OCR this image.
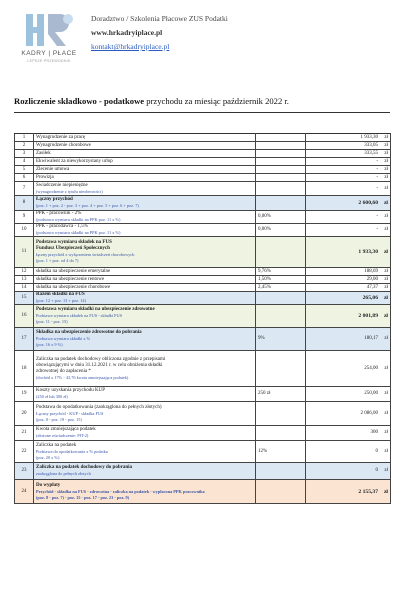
KADRY | PŁACE
LEPSZE PRZEWODNIK
Doradztwo / Szkolenia Płacowe ZUS Podatki
www.hrkadryiplace.pl
kontakt@hrkadryiplace.pl
Rozliczenie składkowo - podatkowe przychodu za miesiąc październik 2022 r.
1	Wynagrodzenie za pracę		1 933,30 zł
2	Wynagrodzenie chorobowe		333,05 zł
3	Zasiłek		333,55 zł
4	Ekwiwalent za niewykorzystany urlop		- zł
5	Zlecenie umowa		- zł
6	Prowizja		- zł
7	Świadczenie niepieniężne
(wynagrodzenie z tytułu nieobecności)		- zł
8	Łączny przychód
(poz. 1 + poz. 2 - poz. 3 + poz. 4 + poz. 5 + poz. 6 + poz. 7)		2 600,60 zł
9	PPK - pracownik - 2%
(podstawa wymiaru składki na PPK poz. 11 x %)	0,00%	- zł
10	PPK - pracodawca - 1,5%
(podstawa wymiaru składki na PPK poz. 11 x %)	0,00%	- zł
11	Podstawa wymiaru składek na FUS
Fundusz Ubezpieczeń Społecznych
łączny przychód z wyłączeniem świadczeń chorobowych
(poz. 1 + poz. od 4 do 7)		1 933,30 zł
12	składka na ubezpieczenie emerytalne	9,76%	188,69 zł
13	składka na ubezpieczenie rentowe	1,50%	29,00 zł
14	składka na ubezpieczenie chorobowe	2,45%	47,37 zł
15	Razem składki na FUS
(poz. 12 + poz. 13 + poz. 14)		265,06 zł
16	Podstawa wymiaru składki na ubezpieczenie zdrowotne
Podstawa wymiaru składek na FUS - składki FUS
(poz. 11 - poz. 15)		2 001,89 zł
17	Składka na ubezpieczenie zdrowotne do pobrania
Podstawa wymiaru składki x %
(poz. 16 x 9 %)	9%	180,17 zł
18	Zaliczka na podatek dochodowy obliczona zgodnie z przepisami
obowiązującymi w dniu 31.12.2021 r. w celu obniżenia składki
zdrowotnej do zapłacenia *
(dochód x 17% - 43,76 kwota zmniejszająca podatek)		254,00 zł
19	Koszty uzyskania przychodu KUP
(250 zł lub 300 zł)	250 zł	250,00 zł
20	Podstawa do opodatkowania (zaokrąglona do pełnych złotych)
Łączny przychód - KUP - składka FUS
(poz. 8 - poz. 19 - poz. 15)		2 086,00 zł
21	Kwota zmniejszająca podatek
(złożone oświadczenie: PIT-2)		300 zł
22	Zaliczka na podatek
Podstawa do opodatkowania x % podatku
(poz. 20 x %)	12%	0 zł
23	Zaliczka na podatek dochodowy do pobrania
zaokrąglona do pełnych złotych		0 zł
24	Do wypłaty
Przychód - składka na FUS - zdrowotna - zaliczka na podatek - wypłacona PPK pracownika
(poz. 8 - poz. 7) - poz. 15 - poz. 17 - poz. 23 - poz. 9)		2 155,37 zł
